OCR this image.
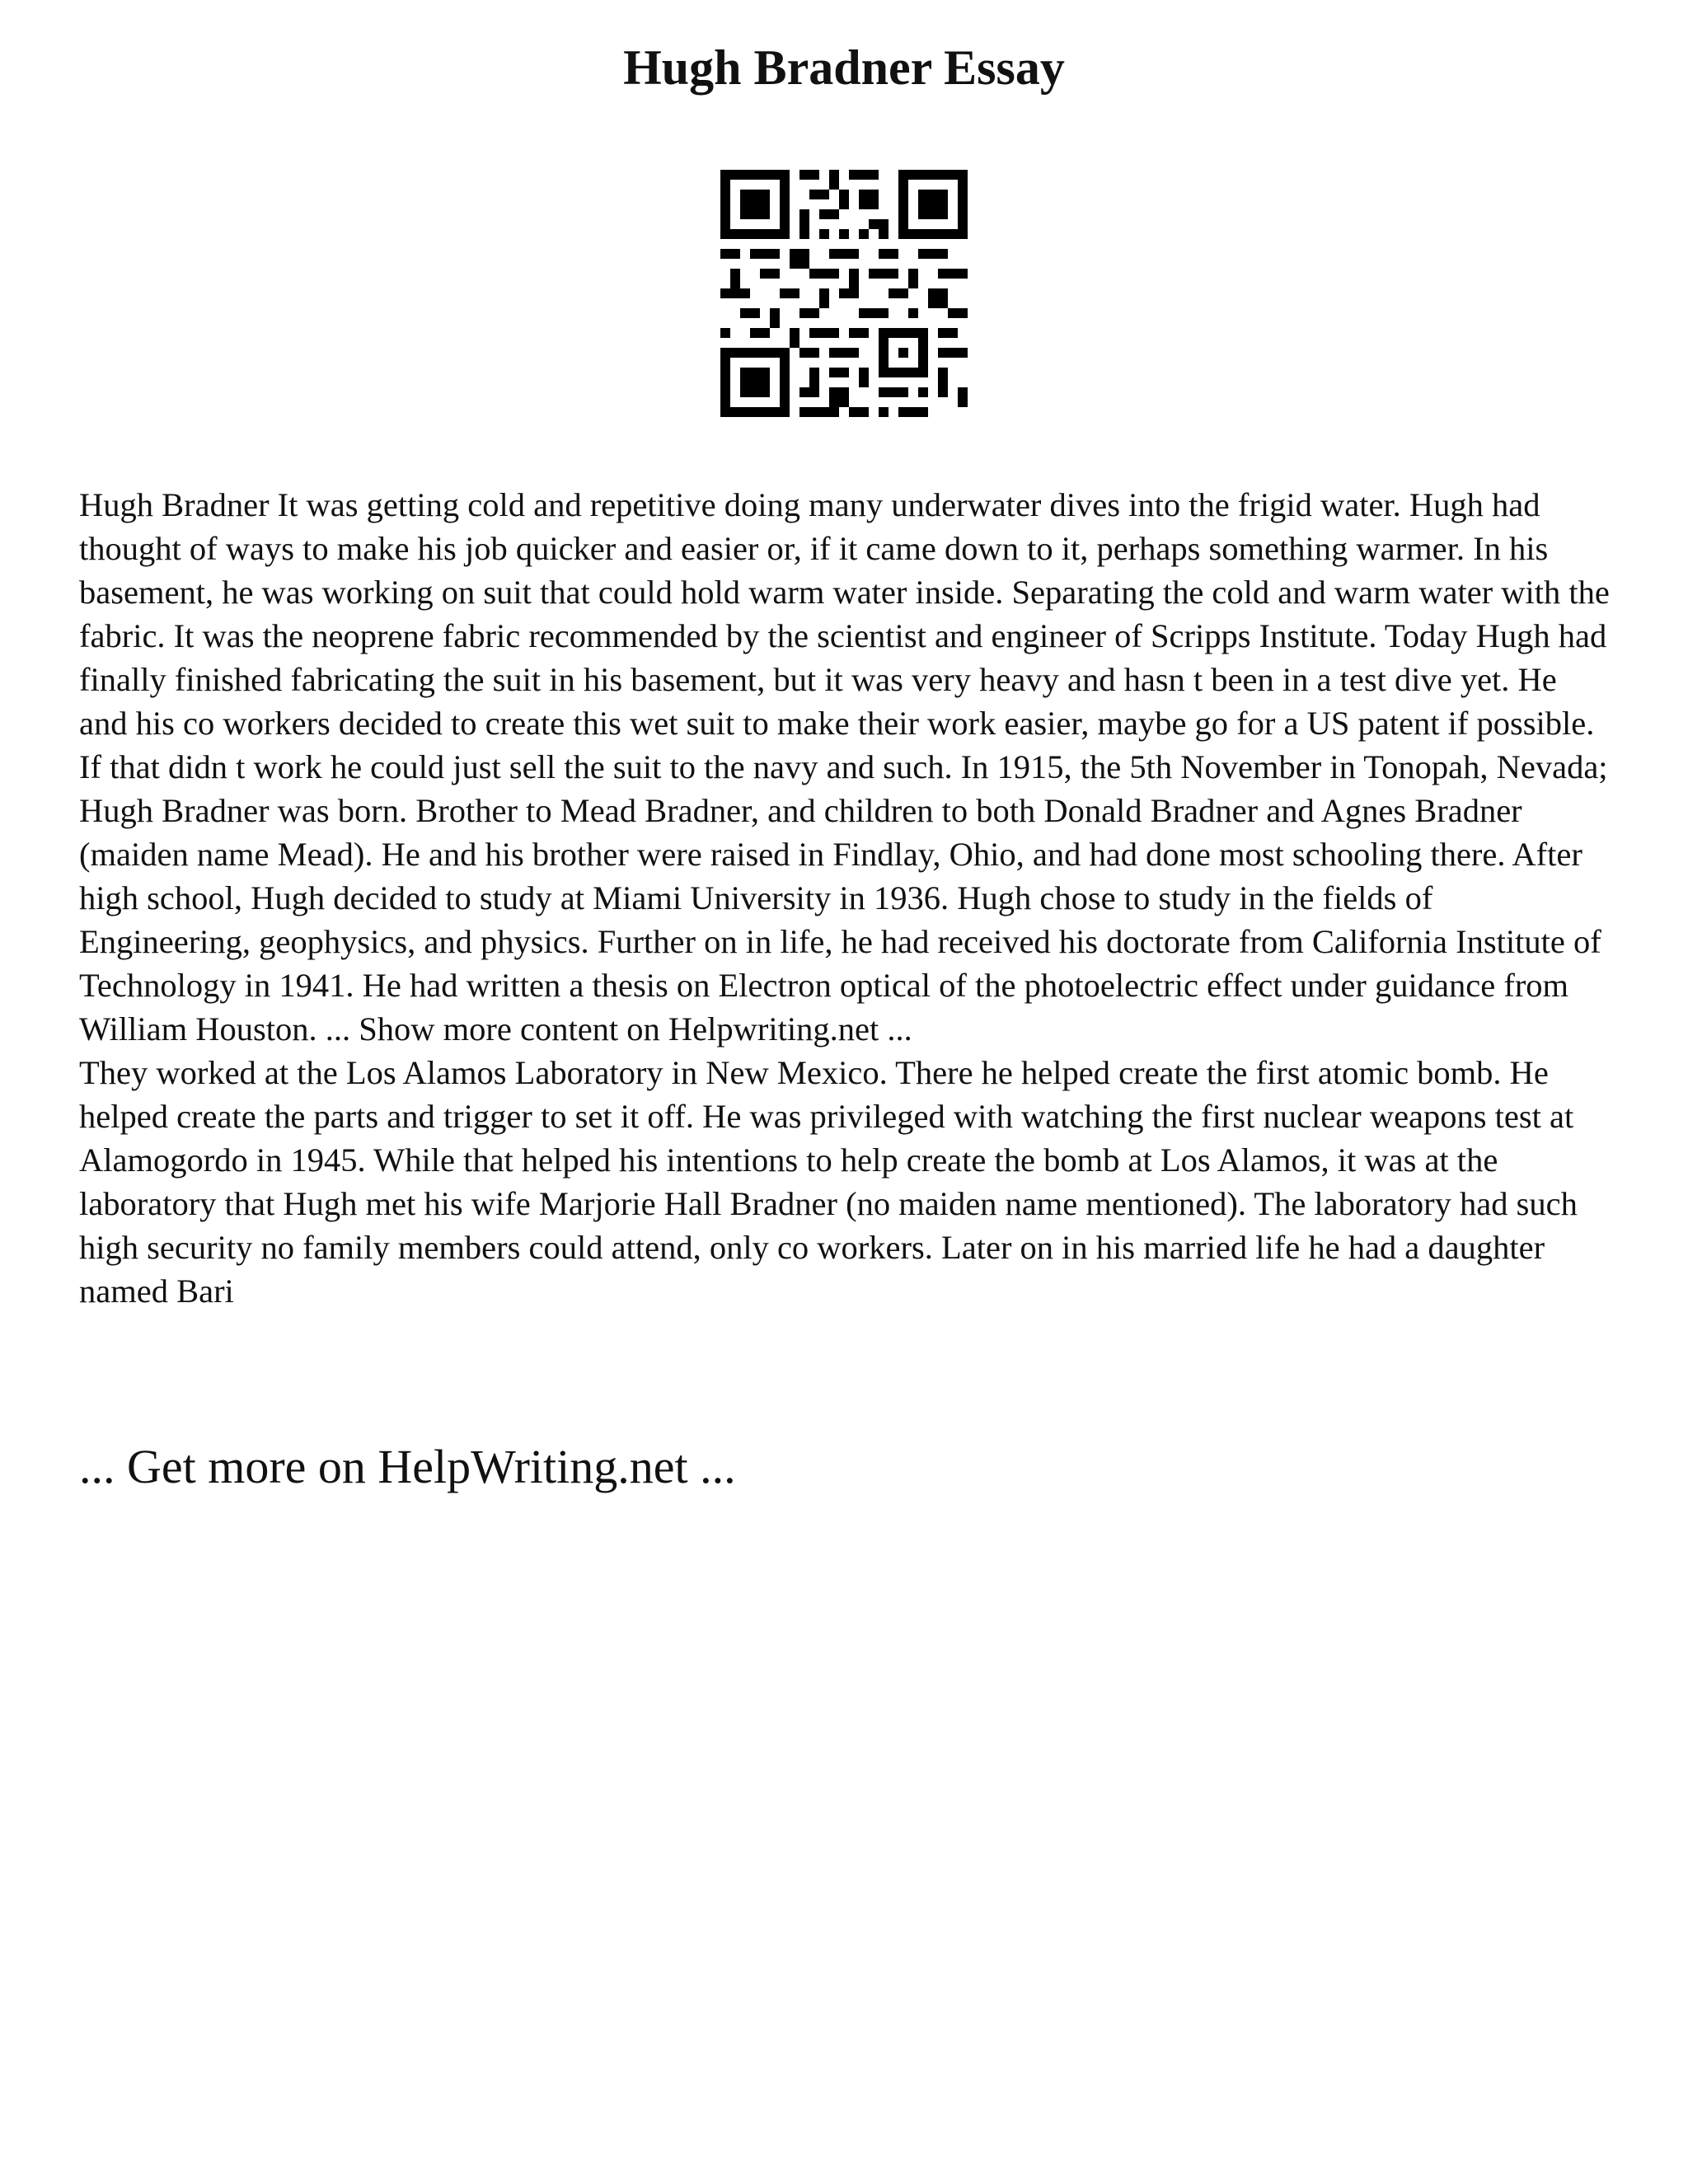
Hugh Bradner Essay

Hugh Bradner It was getting cold and repetitive doing many underwater dives into the frigid water. Hugh had thought of ways to make his job quicker and easier or, if it came down to it, perhaps something warmer. In his basement, he was working on suit that could hold warm water inside. Separating the cold and warm water with the fabric. It was the neoprene fabric recommended by the scientist and engineer of Scripps Institute. Today Hugh had finally finished fabricating the suit in his basement, but it was very heavy and hasn t been in a test dive yet. He and his co workers decided to create this wet suit to make their work easier, maybe go for a US patent if possible. If that didn t work he could just sell the suit to the navy and such. In 1915, the 5th November in Tonopah, Nevada; Hugh Bradner was born. Brother to Mead Bradner, and children to both Donald Bradner and Agnes Bradner (maiden name Mead). He and his brother were raised in Findlay, Ohio, and had done most schooling there. After high school, Hugh decided to study at Miami University in 1936. Hugh chose to study in the fields of Engineering, geophysics, and physics. Further on in life, he had received his doctorate from California Institute of Technology in 1941. He had written a thesis on Electron optical of the photoelectric effect under guidance from William Houston. ... Show more content on Helpwriting.net ...

They worked at the Los Alamos Laboratory in New Mexico. There he helped create the first atomic bomb. He helped create the parts and trigger to set it off. He was privileged with watching the first nuclear weapons test at Alamogordo in 1945. While that helped his intentions to help create the bomb at Los Alamos, it was at the laboratory that Hugh met his wife Marjorie Hall Bradner (no maiden name mentioned). The laboratory had such high security no family members could attend, only co workers. Later on in his married life he had a daughter named Bari

... Get more on HelpWriting.net ...
